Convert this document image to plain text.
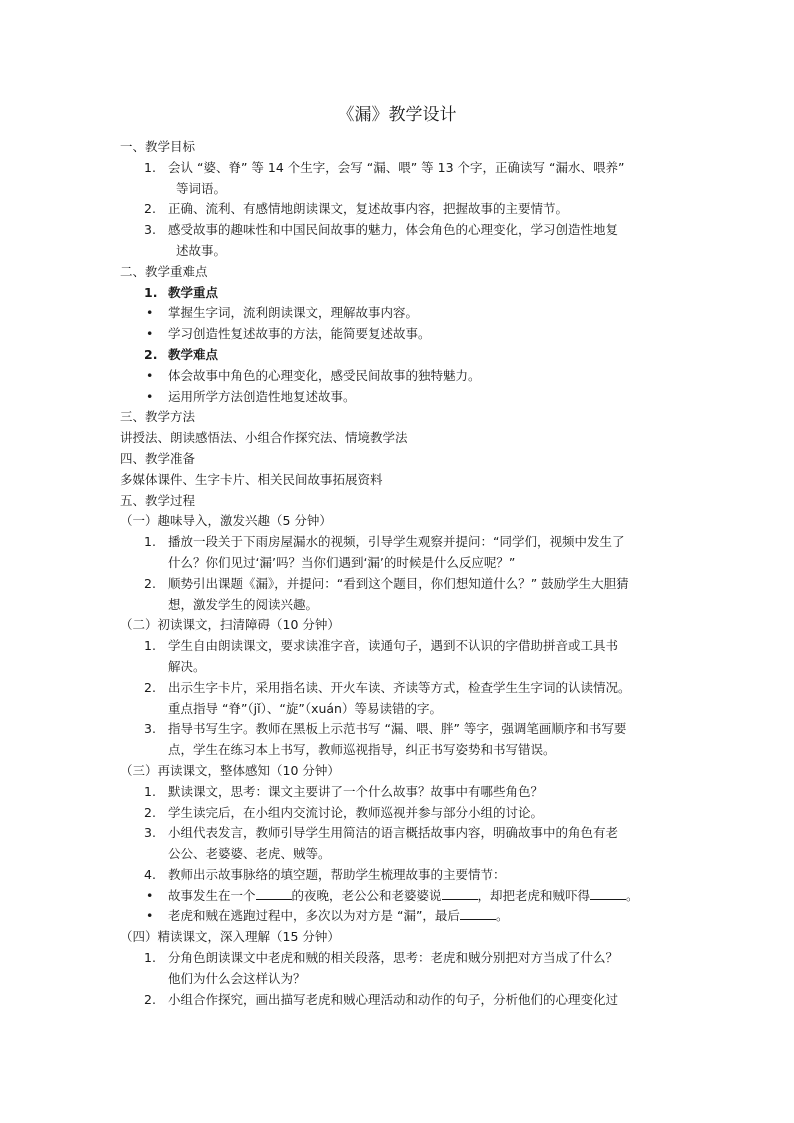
《漏》教学设计
一、教学目标
1. 会认 “婆、脊” 等 14 个生字，会写 “漏、喂” 等 13 个字，正确读写 “漏水、喂养”
等词语。
2. 正确、流利、有感情地朗读课文，复述故事内容，把握故事的主要情节。
3. 感受故事的趣味性和中国民间故事的魅力，体会角色的心理变化，学习创造性地复
述故事。
二、教学重难点
1. 教学重点
• 掌握生字词，流利朗读课文，理解故事内容。
• 学习创造性复述故事的方法，能简要复述故事。
2. 教学难点
• 体会故事中角色的心理变化，感受民间故事的独特魅力。
• 运用所学方法创造性地复述故事。
三、教学方法
讲授法、朗读感悟法、小组合作探究法、情境教学法
四、教学准备
多媒体课件、生字卡片、相关民间故事拓展资料
五、教学过程
（一）趣味导入，激发兴趣（5 分钟）
1. 播放一段关于下雨房屋漏水的视频，引导学生观察并提问：“同学们，视频中发生了
什么？你们见过‘漏’吗？当你们遇到‘漏’的时候是什么反应呢？”
2. 顺势引出课题《漏》，并提问：“看到这个题目，你们想知道什么？” 鼓励学生大胆猜
想，激发学生的阅读兴趣。
（二）初读课文，扫清障碍（10 分钟）
1. 学生自由朗读课文，要求读准字音，读通句子，遇到不认识的字借助拼音或工具书
解决。
2. 出示生字卡片，采用指名读、开火车读、齐读等方式，检查学生生字词的认读情况。
重点指导 “脊”（jǐ）、“旋”（xuán）等易读错的字。
3. 指导书写生字。教师在黑板上示范书写 “漏、喂、胖” 等字，强调笔画顺序和书写要
点，学生在练习本上书写，教师巡视指导，纠正书写姿势和书写错误。
（三）再读课文，整体感知（10 分钟）
1. 默读课文，思考：课文主要讲了一个什么故事？故事中有哪些角色？
2. 学生读完后，在小组内交流讨论，教师巡视并参与部分小组的讨论。
3. 小组代表发言，教师引导学生用简洁的语言概括故事内容，明确故事中的角色有老
公公、老婆婆、老虎、贼等。
4. 教师出示故事脉络的填空题，帮助学生梳理故事的主要情节：
• 故事发生在一个	的夜晚，老公公和老婆婆说	，却把老虎和贼吓得	。
• 老虎和贼在逃跑过程中，多次以为对方是 “漏”，最后	。
（四）精读课文，深入理解（15 分钟）
1. 分角色朗读课文中老虎和贼的相关段落，思考：老虎和贼分别把对方当成了什么？
他们为什么会这样认为？
2. 小组合作探究，画出描写老虎和贼心理活动和动作的句子，分析他们的心理变化过
